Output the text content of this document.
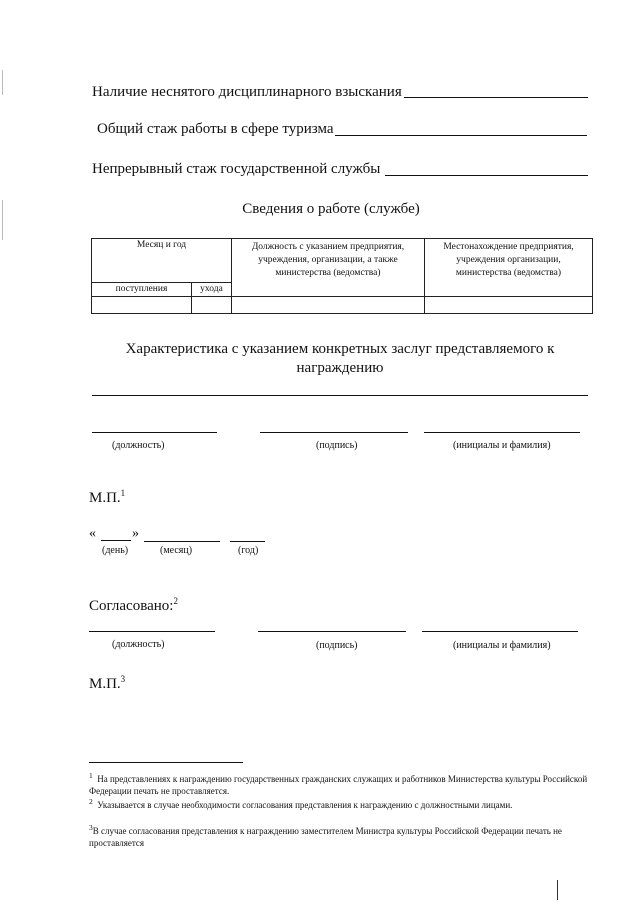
Наличие неснятого дисциплинарного взыскания
Общий стаж работы в сфере туризма
Непрерывный стаж государственной службы
Сведения о работе (службе)
Месяц и год		Должность с указанием предприятия, учреждения, организации, а также министерства (ведомства)	Местонахождение предприятия, учреждения организации, министерства (ведомства)
поступления	ухода		

Характеристика с указанием конкретных заслуг представляемого к
награждению
(должность)	(подпись)	(инициалы и фамилия)
М.П.$^1$
«	»
(день)	(месяц)	(год)
Согласовано:$^2$
(должность)	(подпись)	(инициалы и фамилия)
М.П.$^3$
$^1$ На представлениях к награждению государственных гражданских служащих и работников Министерства культуры Российской Федерации печать не проставляется.
$^2$ Указывается в случае необходимости согласования представления к награждению с должностными лицами.
$^3$В случае согласования представления к награждению заместителем Министра культуры Российской Федерации печать не проставляется
